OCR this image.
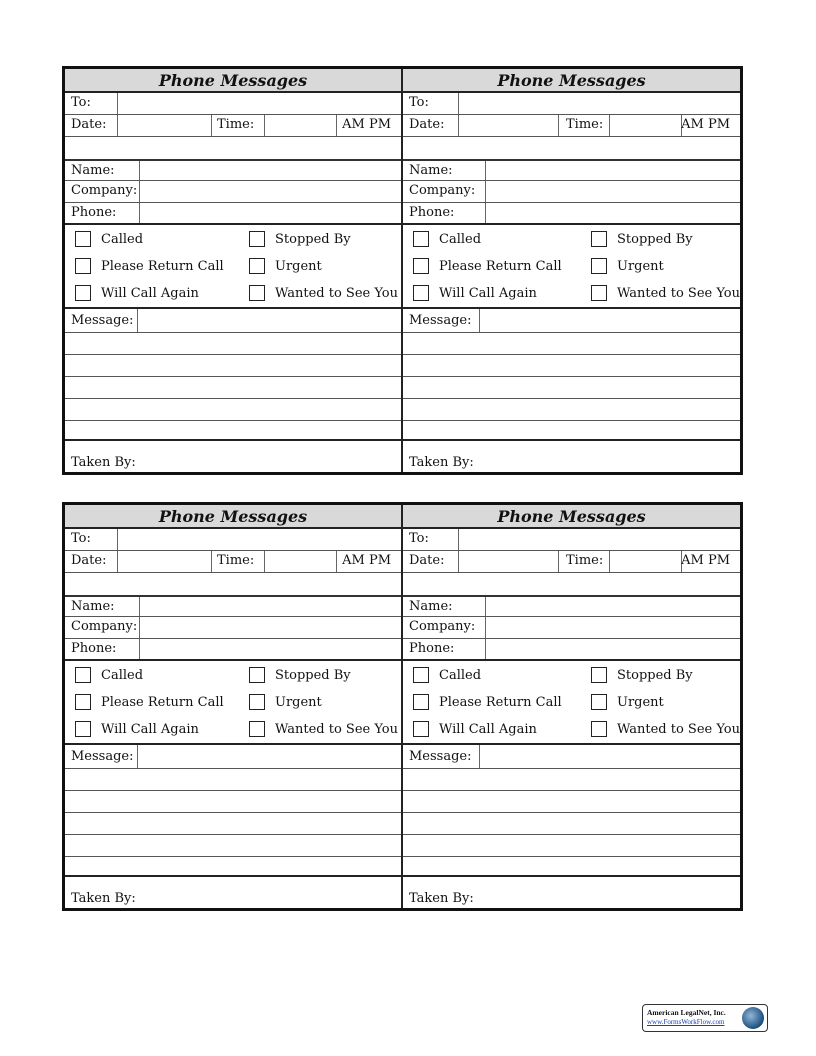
Phone Messages
To:
Date:	Time:	AM PM
Name:
Company:
Phone:
Called	Stopped By
Please Return Call	Urgent
Will Call Again	Wanted to See You
Message:
Taken By:
Phone Messages
To:
Date:	Time:	AM PM
Name:
Company:
Phone:
Called	Stopped By
Please Return Call	Urgent
Will Call Again	Wanted to See You
Message:
Taken By:
Phone Messages
To:
Date:	Time:	AM PM
Name:
Company:
Phone:
Called	Stopped By
Please Return Call	Urgent
Will Call Again	Wanted to See You
Message:
Taken By:
Phone Messages
To:
Date:	Time:	AM PM
Name:
Company:
Phone:
Called	Stopped By
Please Return Call	Urgent
Will Call Again	Wanted to See You
Message:
Taken By:
American LegalNet, Inc.
www.FormsWorkFlow.com
